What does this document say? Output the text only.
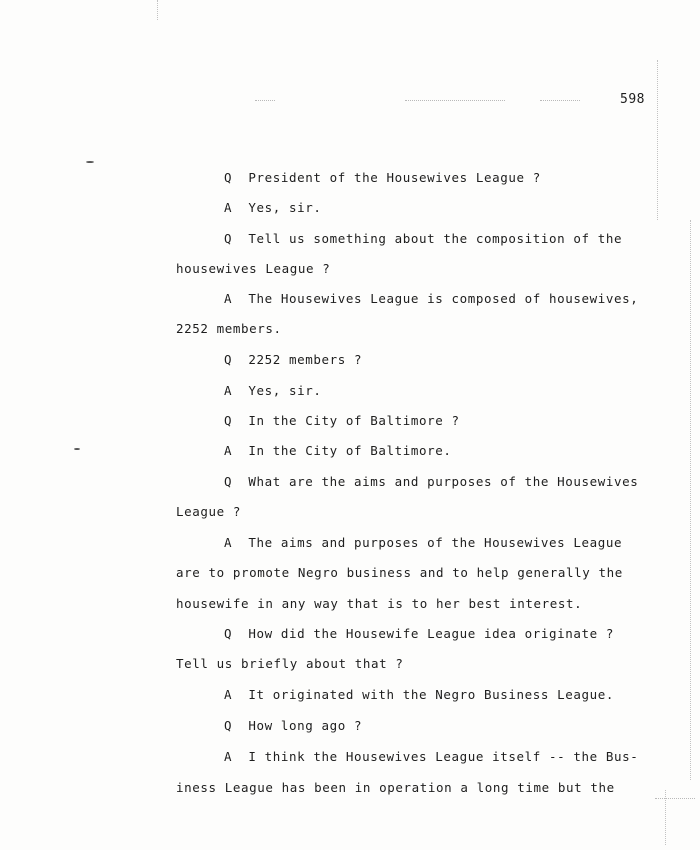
598
Q  President of the Housewives League ?
A  Yes, sir.
Q  Tell us something about the composition of the
housewives League ?
A  The Housewives League is composed of housewives,
2252 members.
Q  2252 members ?
A  Yes, sir.
Q  In the City of Baltimore ?
A  In the City of Baltimore.
Q  What are the aims and purposes of the Housewives
League ?
A  The aims and purposes of the Housewives League
are to promote Negro business and to help generally the
housewife in any way that is to her best interest.
Q  How did the Housewife League idea originate ?
Tell us briefly about that ?
A  It originated with the Negro Business League.
Q  How long ago ?
A  I think the Housewives League itself -- the Bus-
iness League has been in operation a long time but the
